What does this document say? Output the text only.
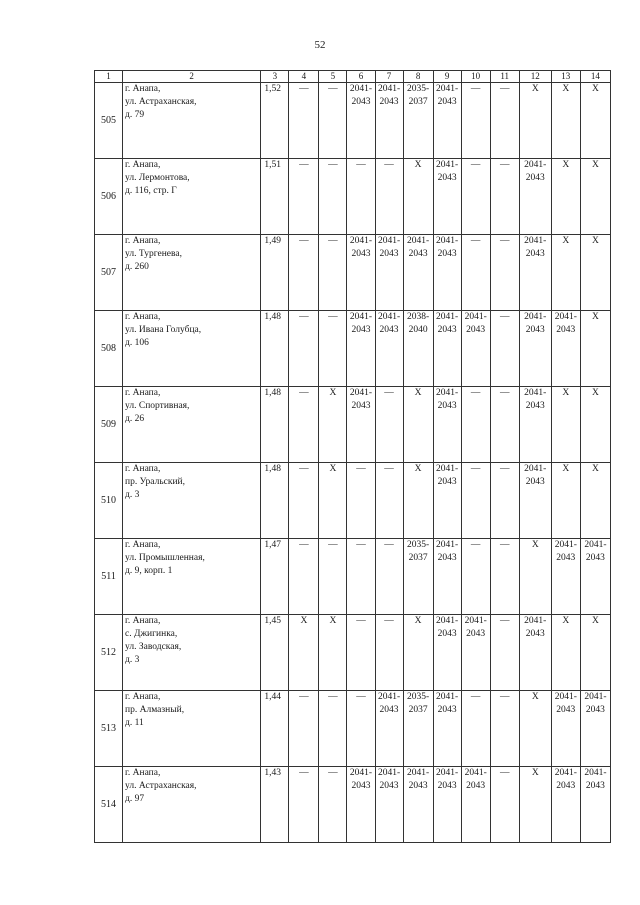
52
1	2	3	4	5	6	7	8	9	10	11	12	13	14
505	г. Анапа,
ул. Астраханская,
д. 79	1,52	—	—	2041-
2043	2041-
2043	2035-
2037	2041-
2043	—	—	X	X	X
506	г. Анапа,
ул. Лермонтова,
д. 116, стр. Г	1,51	—	—	—	—	X	2041-
2043	—	—	2041-
2043	X	X
507	г. Анапа,
ул. Тургенева,
д. 260	1,49	—	—	2041-
2043	2041-
2043	2041-
2043	2041-
2043	—	—	2041-
2043	X	X
508	г. Анапа,
ул. Ивана Голубца,
д. 106	1,48	—	—	2041-
2043	2041-
2043	2038-
2040	2041-
2043	2041-
2043	—	2041-
2043	2041-
2043	X
509	г. Анапа,
ул. Спортивная,
д. 26	1,48	—	X	2041-
2043	—	X	2041-
2043	—	—	2041-
2043	X	X
510	г. Анапа,
пр. Уральский,
д. 3	1,48	—	X	—	—	X	2041-
2043	—	—	2041-
2043	X	X
511	г. Анапа,
ул. Промышленная,
д. 9, корп. 1	1,47	—	—	—	—	2035-
2037	2041-
2043	—	—	X	2041-
2043	2041-
2043

512	г. Анапа,
с. Джигинка,
ул. Заводская,
д. 3	1,45	X	X	—	—	X	2041-
2043	2041-
2043	—	2041-
2043	X	X
513	г. Анапа,
пр. Алмазный,
д. 11	1,44	—	—	—	2041-
2043	2035-
2037	2041-
2043	—	—	X	2041-
2043	2041-
2043

514	г. Анапа,
ул. Астраханская,
д. 97	1,43	—	—	2041-
2043	2041-
2043	2041-
2043	2041-
2043	2041-
2043	—	X	2041-
2043	2041-
2043
